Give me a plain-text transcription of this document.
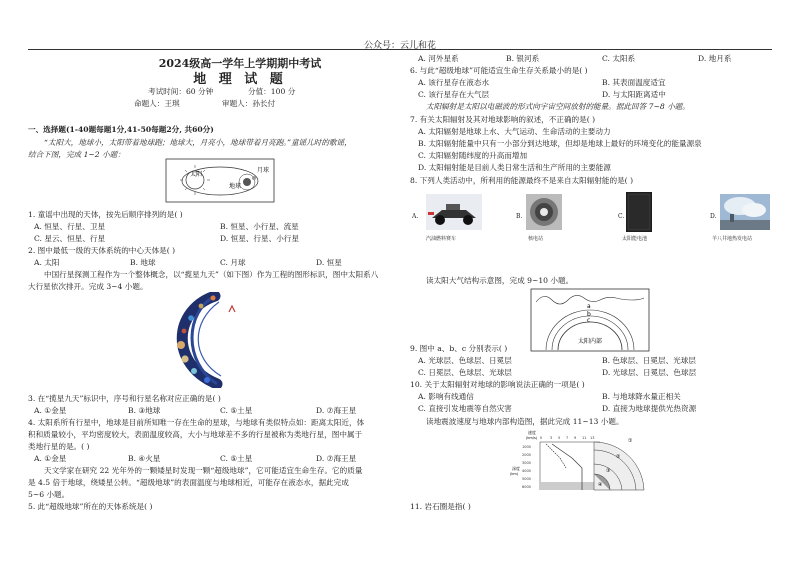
公众号：云儿和花
2024级高一学年上学期期中考试
地 理 试 题
考试时间：60 分钟	分值：100 分
命题人：王琪	审题人：孙长付
一、选择题(1-40题每题1分,41-50每题2分, 共60分)
“太阳大，地球小，太阳带着地球跑；地球大，月亮小，地球带着月亮跑。”童谣儿时的歌谣，
结合下图，完成 1~2 小题：
太阳
地球
月球
1. 童谣中出现的天体，按先后顺序排列的是( )
A. 恒星、行星、卫星	B. 恒星、小行星、流星
C. 星云、恒星、行星	D. 恒星、行星、小行星
2. 图中最低一级的天体系统的中心天体是( )
A. 太阳	B. 地球	C. 月球	D. 恒星
中国行星探测工程作为一个整体概念，以“揽星九天”（如下图）作为工程的图形标识，图中太阳系八
大行星依次排开。完成 3~4 小题。
3. 在“揽星九天”标识中，序号和行星名称对应正确的是( )
A. ①金星	B. ③地球	C. ⑤土星	D. ⑦海王星
4. 太阳系所有行星中，地球是目前所知唯一存在生命的星球，与地球有类似特点如：距离太阳近，体
积和质量较小，平均密度较大，表面温度较高，大小与地球差不多的行星被称为类地行星，图中属于
类地行星的是。( )
A. ①金星	B. ④火星	C. ⑤土星	D. ⑦海王星
天文学家在研究 22 光年外的一颗矮星时发现一颗“超级地球”，它可能适宜生命生存。它的质量
是 4.5 倍于地球，绕矮星公转。“超级地球”的表面温度与地球相近，可能存在液态水，据此完成
5~6 小题。
5. 此“超级地球”所在的天体系统是( )
A. 河外星系	B. 银河系	C. 太阳系	D. 地月系
6. 与此“超级地球”可能适宜生命生存关系最小的是( )
A. 该行星存在液态水	B. 其表面温度适宜
C. 该行星存在大气层	D. 与太阳距离适中
太阳辐射是太阳以电磁波的形式向宇宙空间放射的能量。据此回答 7~8 小题。
7. 有关太阳辐射及其对地球影响的叙述，不正确的是( )
A. 太阳辐射是地球上水、大气运动、生命活动的主要动力
B. 太阳辐射能量中只有一小部分到达地球，但却是地球上最好的环境变化的能量源泉
C. 太阳辐射随纬度的升高而增加
D. 太阳辐射能是目前人类日常生活和生产所用的主要能源
8. 下列人类活动中，所利用的能源最终不是来自太阳辐射能的是( )
A.
汽油燃料赛车
B.
核电站
C.
太阳能电池
D.
羊八井地热发电站
读太阳大气结构示意图，完成 9~10 小题。
a
b
c
太阳内部
9. 图中 a、b、c 分别表示( )
A. 光球层、色球层、日冕层	B. 色球层、日冕层、光球层
C. 日冕层、色球层、光球层	D. 光球层、日冕层、色球层
10. 关于太阳辐射对地球的影响说法正确的一项是( )
A. 影响有线通信	B. 与地球降水量正相关
C. 直接引发地震等自然灾害	D. 直接为地球提供光热资源
读地震波速度与地球内部构造图，据此完成 11~13 小题。
速度
(km/s)
深度
(km)
0 3 5 7 9 11 13
1000
2000
3000
4000
5000
6000
①
②
③
④
11. 岩石圈是指( )
